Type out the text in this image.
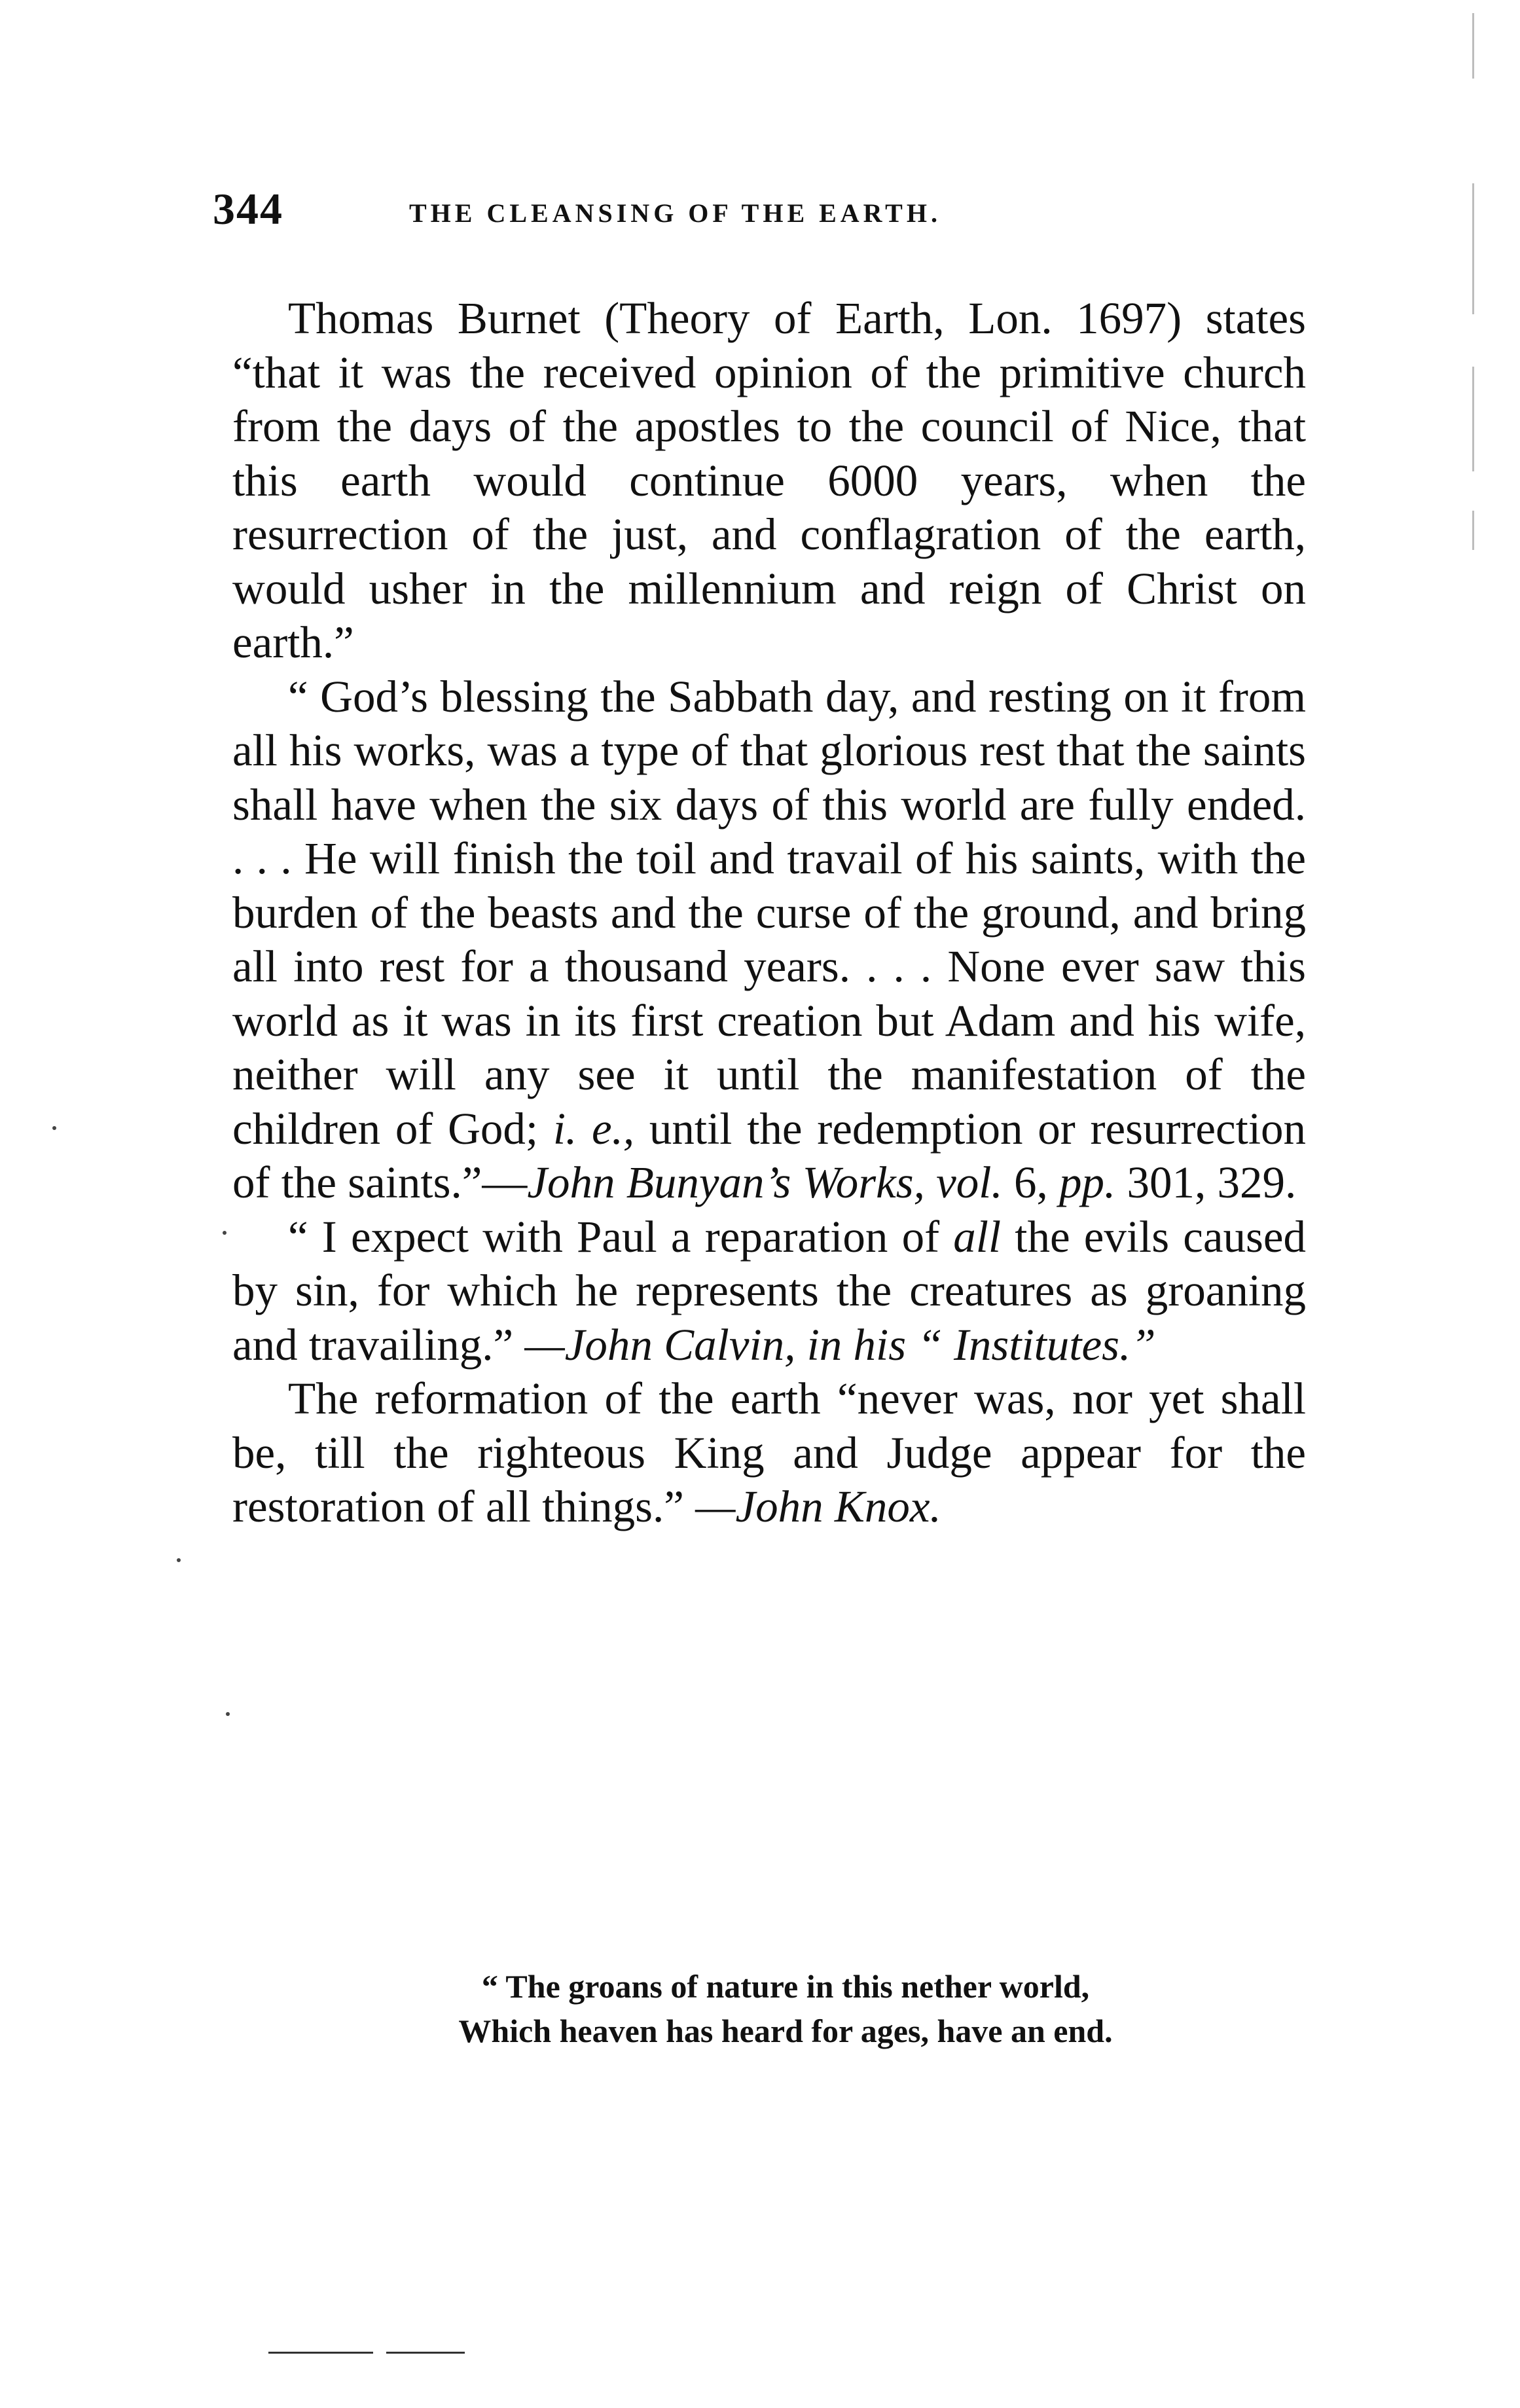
344	THE CLEANSING OF THE EARTH.

Thomas Burnet (Theory of Earth, Lon. 1697) states “that it was the received opinion of the primitive church from the days of the apostles to the council of Nice, that this earth would continue 6000 years, when the resurrection of the just, and conflagration of the earth, would usher in the millennium and reign of Christ on earth.”

“ God’s blessing the Sabbath day, and resting on it from all his works, was a type of that glorious rest that the saints shall have when the six days of this world are fully ended. . . . He will finish the toil and travail of his saints, with the burden of the beasts and the curse of the ground, and bring all into rest for a thousand years. . . . None ever saw this world as it was in its first creation but Adam and his wife, neither will any see it until the manifestation of the children of God; i. e., until the redemption or resurrection of the saints.”—John Bunyan’s Works, vol. 6, pp. 301, 329.

“ I expect with Paul a reparation of all the evils caused by sin, for which he represents the creatures as groaning and travailing.” —John Calvin, in his “ Institutes.”

The reformation of the earth “never was, nor yet shall be, till the righteous King and Judge appear for the restoration of all things.” —John Knox.

“ The groans of nature in this nether world,
Which heaven has heard for ages, have an end.
